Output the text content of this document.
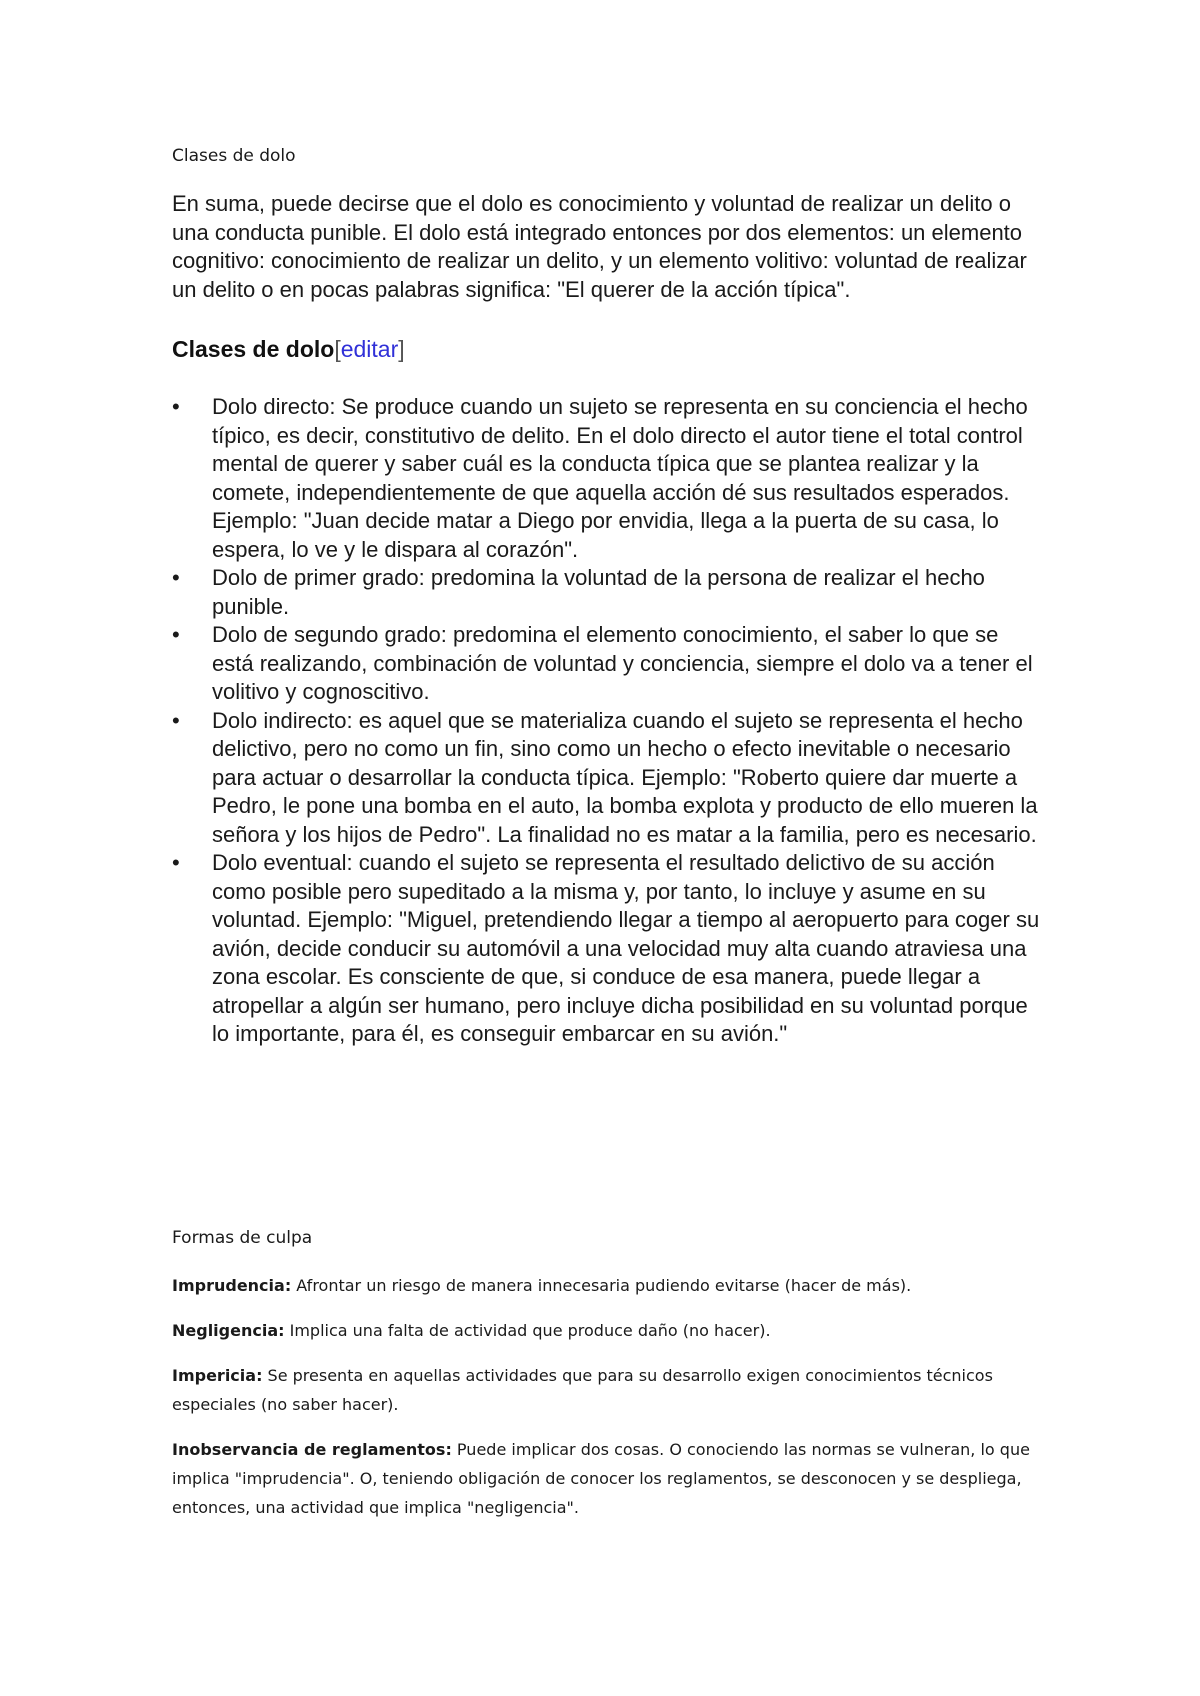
Clases de dolo

En suma, puede decirse que el dolo es conocimiento y voluntad de realizar un delito o una conducta punible. El dolo está integrado entonces por dos elementos: un elemento cognitivo: conocimiento de realizar un delito, y un elemento volitivo: voluntad de realizar un delito o en pocas palabras significa: "El querer de la acción típica".

Clases de dolo[editar]
•	Dolo directo: Se produce cuando un sujeto se representa en su conciencia el hecho típico, es decir, constitutivo de delito. En el dolo directo el autor tiene el total control mental de querer y saber cuál es la conducta típica que se plantea realizar y la comete, independientemente de que aquella acción dé sus resultados esperados. Ejemplo: "Juan decide matar a Diego por envidia, llega a la puerta de su casa, lo espera, lo ve y le dispara al corazón".
•	Dolo de primer grado: predomina la voluntad de la persona de realizar el hecho punible.
•	Dolo de segundo grado: predomina el elemento conocimiento, el saber lo que se está realizando, combinación de voluntad y conciencia, siempre el dolo va a tener el volitivo y cognoscitivo.
•	Dolo indirecto: es aquel que se materializa cuando el sujeto se representa el hecho delictivo, pero no como un fin, sino como un hecho o efecto inevitable o necesario para actuar o desarrollar la conducta típica. Ejemplo: "Roberto quiere dar muerte a Pedro, le pone una bomba en el auto, la bomba explota y producto de ello mueren la señora y los hijos de Pedro". La finalidad no es matar a la familia, pero es necesario.
•	Dolo eventual: cuando el sujeto se representa el resultado delictivo de su acción como posible pero supeditado a la misma y, por tanto, lo incluye y asume en su voluntad. Ejemplo: "Miguel, pretendiendo llegar a tiempo al aeropuerto para coger su avión, decide conducir su automóvil a una velocidad muy alta cuando atraviesa una zona escolar. Es consciente de que, si conduce de esa manera, puede llegar a atropellar a algún ser humano, pero incluye dicha posibilidad en su voluntad porque lo importante, para él, es conseguir embarcar en su avión."

Formas de culpa

Imprudencia: Afrontar un riesgo de manera innecesaria pudiendo evitarse (hacer de más).

Negligencia: Implica una falta de actividad que produce daño (no hacer).

Impericia: Se presenta en aquellas actividades que para su desarrollo exigen conocimientos técnicos especiales (no saber hacer).

Inobservancia de reglamentos: Puede implicar dos cosas. O conociendo las normas se vulneran, lo que implica "imprudencia". O, teniendo obligación de conocer los reglamentos, se desconocen y se despliega, entonces, una actividad que implica "negligencia".
